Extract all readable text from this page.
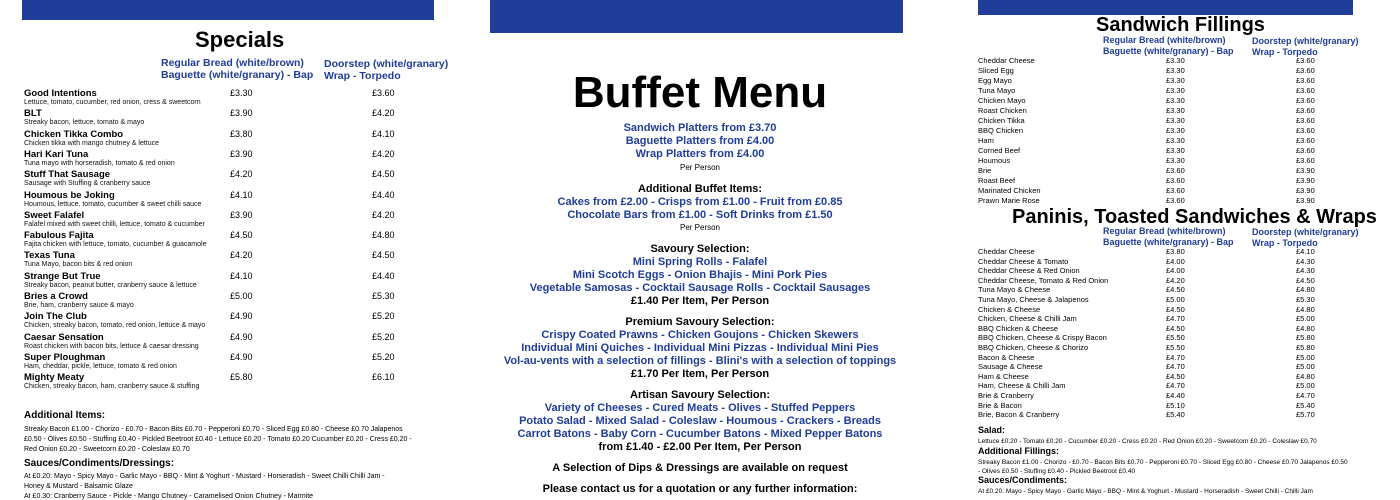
Specials
Regular Bread (white/brown)
Baguette (white/granary) - Bap
Doorstep (white/granary)
Wrap - Torpedo
Good Intentions
Lettuce, tomato, cucumber, red onion, cress & sweetcorn
£3.30	£3.60
BLT
Streaky bacon, lettuce, tomato & mayo
£3.90	£4.20
Chicken Tikka Combo
Chicken tikka with mango chutney & lettuce
£3.80	£4.10
Hari Kari Tuna
Tuna mayo with horseradish, tomato & red onion
£3.90	£4.20
Stuff That Sausage
Sausage with Stuffing & cranberry sauce
£4.20	£4.50
Houmous be Joking
Houmous, lettuce, tomato, cucumber & sweet chilli sauce
£4.10	£4.40
Sweet Falafel
Falafel mixed with sweet chilli, lettuce, tomato & cucumber
£3.90	£4.20
Fabulous Fajita
Fajita chicken with lettuce, tomato, cucumber & guacamole
£4.50	£4.80
Texas Tuna
Tuna Mayo, bacon bits & red onion
£4.20	£4.50
Strange But True
Streaky bacon, peanut butter, cranberry sauce & lettuce
£4.10	£4.40
Bries a Crowd
Brie, ham, cranberry sauce & mayo
£5.00	£5.30
Join The Club
Chicken, streaky bacon, tomato, red onion, lettuce & mayo
£4.90	£5.20
Caesar Sensation
Roast chicken with bacon bits, lettuce & caesar dressing
£4.90	£5.20
Super Ploughman
Ham, cheddar, pickle, lettuce, tomato & red onion
£4.90	£5.20
Mighty Meaty
Chicken, streaky bacon, ham, cranberry sauce & stuffing
£5.80	£6.10
Additional Items:
Streaky Bacon £1.00 - Chorizo - £0.70 - Bacon Bits £0.70 - Pepperoni £0.70 - Sliced Egg £0.80 - Cheese £0.70 Jalapenos £0.50 - Olives £0.50 - Stuffing £0.40 - Pickled Beetroot £0.40 - Lettuce £0.20 - Tomato £0.20 Cucumber £0.20 - Cress £0.20 - Red Onion £0.20 - Sweetcorn £0.20 - Coleslaw £0.70
Sauces/Condiments/Dressings:
At £0.20: Mayo - Spicy Mayo - Garlic Mayo - BBQ - Mint & Yoghurt - Mustard - Horseradish - Sweet Chilli Chilli Jam - Honey & Mustard - Balsamic Glaze
At £0.30: Cranberry Sauce - Pickle - Mango Chutney - Caramelised Onion Chutney - Marmite
Buffet Menu
Sandwich Platters from £3.70
Baguette Platters from £4.00
Wrap Platters from £4.00
Per Person
Additional Buffet Items:
Cakes from £2.00 - Crisps from £1.00 - Fruit from £0.85
Chocolate Bars from £1.00 - Soft Drinks from £1.50
Per Person
Savoury Selection:
Mini Spring Rolls - Falafel
Mini Scotch Eggs - Onion Bhajis - Mini Pork Pies
Vegetable Samosas - Cocktail Sausage Rolls - Cocktail Sausages
£1.40 Per Item, Per Person
Premium Savoury Selection:
Crispy Coated Prawns - Chicken Goujons - Chicken Skewers
Individual Mini Quiches - Individual Mini Pizzas - Individual Mini Pies
Vol-au-vents with a selection of fillings - Blini's with a selection of toppings
£1.70 Per Item, Per Person
Artisan Savoury Selection:
Variety of Cheeses - Cured Meats - Olives - Stuffed Peppers
Potato Salad - Mixed Salad - Coleslaw - Houmous - Crackers - Breads
Carrot Batons - Baby Corn - Cucumber Batons - Mixed Pepper Batons
from £1.40 - £2.00 Per Item, Per Person
A Selection of Dips & Dressings are available on request
Please contact us for a quotation or any further information:
Sandwich Fillings
Regular Bread (white/brown)
Baguette (white/granary) - Bap
Doorstep (white/granary)
Wrap - Torpedo
Cheddar Cheese	£3.30	£3.60
Sliced Egg	£3.30	£3.60
Egg Mayo	£3.30	£3.60
Tuna Mayo	£3.30	£3.60
Chicken Mayo	£3.30	£3.60
Roast Chicken	£3.30	£3.60
Chicken Tikka	£3.30	£3.60
BBQ Chicken	£3.30	£3.60
Ham	£3.30	£3.60
Corned Beef	£3.30	£3.60
Houmous	£3.30	£3.60
Brie	£3.60	£3.90
Roast Beef	£3.60	£3.90
Marinated Chicken	£3.60	£3.90
Prawn Marie Rose	£3.60	£3.90
Paninis, Toasted Sandwiches & Wraps
Regular Bread (white/brown)
Baguette (white/granary) - Bap
Doorstep (white/granary)
Wrap - Torpedo
Cheddar Cheese	£3.80	£4.10
Cheddar Cheese & Tomato	£4.00	£4.30
Cheddar Cheese & Red Onion	£4.00	£4.30
Cheddar Cheese, Tomato & Red Onion	£4.20	£4.50
Tuna Mayo & Cheese	£4.50	£4.80
Tuna Mayo, Cheese & Jalapenos	£5.00	£5.30
Chicken & Cheese	£4.50	£4.80
Chicken, Cheese & Chilli Jam	£4.70	£5.00
BBQ Chicken & Cheese	£4.50	£4.80
BBQ Chicken, Cheese & Crispy Bacon	£5.50	£5.80
BBQ Chicken, Cheese & Chorizo	£5.50	£5.80
Bacon & Cheese	£4.70	£5.00
Sausage & Cheese	£4.70	£5.00
Ham & Cheese	£4.50	£4.80
Ham, Cheese & Chilli Jam	£4.70	£5.00
Brie & Cranberry	£4.40	£4.70
Brie & Bacon	£5.10	£5.40
Brie, Bacon & Cranberry	£5.40	£5.70
Salad:
Lettuce £0.20 - Tomato £0.20 - Cucumber £0.20 - Cress £0.20 - Red Onion £0.20 - Sweetcorn £0.20 - Coleslaw £0.70
Additional Fillings:
Streaky Bacon £1.00 - Chorizo - £0.70 - Bacon Bits £0.70 - Pepperoni £0.70 - Sliced Egg £0.80 - Cheese £0.70 Jalapenos £0.50 - Olives £0.50 - Stuffing £0.40 - Pickled Beetroot £0.40
Sauces/Condiments:
At £0.20: Mayo - Spicy Mayo - Garlic Mayo - BBQ - Mint & Yoghurt - Mustard - Horseradish - Sweet Chilli - Chilli Jam
